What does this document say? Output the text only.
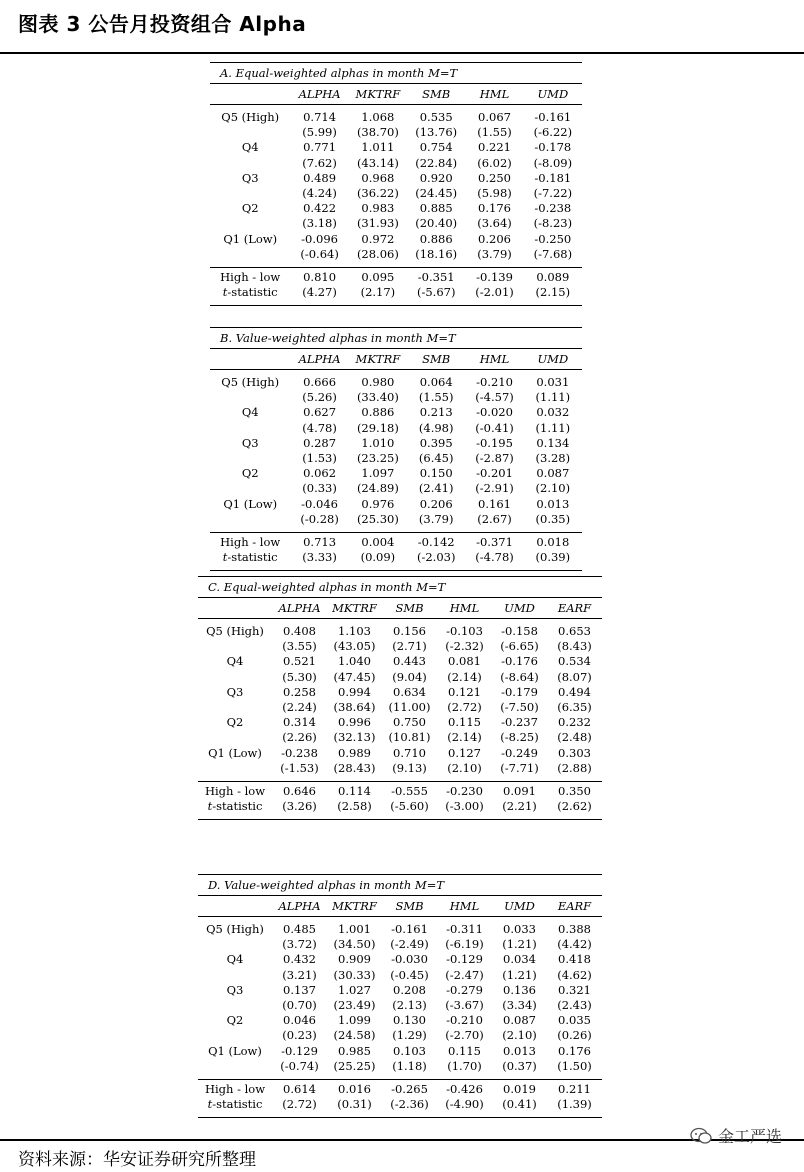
图表 3 公告月投资组合 Alpha
A. Equal-weighted alphas in month M=T
	ALPHA	MKTRF	SMB	HML	UMD

Q5 (High)	0.714	1.068	0.535	0.067	-0.161
	(5.99)	(38.70)	(13.76)	(1.55)	(-6.22)
Q4	0.771	1.011	0.754	0.221	-0.178
	(7.62)	(43.14)	(22.84)	(6.02)	(-8.09)
Q3	0.489	0.968	0.920	0.250	-0.181
	(4.24)	(36.22)	(24.45)	(5.98)	(-7.22)
Q2	0.422	0.983	0.885	0.176	-0.238
	(3.18)	(31.93)	(20.40)	(3.64)	(-8.23)
Q1 (Low)	-0.096	0.972	0.886	0.206	-0.250
	(-0.64)	(28.06)	(18.16)	(3.79)	(-7.68)

High - low	0.810	0.095	-0.351	-0.139	0.089
t-statistic	(4.27)	(2.17)	(-5.67)	(-2.01)	(2.15)

B. Value-weighted alphas in month M=T
	ALPHA	MKTRF	SMB	HML	UMD

Q5 (High)	0.666	0.980	0.064	-0.210	0.031
	(5.26)	(33.40)	(1.55)	(-4.57)	(1.11)
Q4	0.627	0.886	0.213	-0.020	0.032
	(4.78)	(29.18)	(4.98)	(-0.41)	(1.11)
Q3	0.287	1.010	0.395	-0.195	0.134
	(1.53)	(23.25)	(6.45)	(-2.87)	(3.28)
Q2	0.062	1.097	0.150	-0.201	0.087
	(0.33)	(24.89)	(2.41)	(-2.91)	(2.10)
Q1 (Low)	-0.046	0.976	0.206	0.161	0.013
	(-0.28)	(25.30)	(3.79)	(2.67)	(0.35)

High - low	0.713	0.004	-0.142	-0.371	0.018
t-statistic	(3.33)	(0.09)	(-2.03)	(-4.78)	(0.39)

C. Equal-weighted alphas in month M=T
	ALPHA	MKTRF	SMB	HML	UMD	EARF

Q5 (High)	0.408	1.103	0.156	-0.103	-0.158	0.653
	(3.55)	(43.05)	(2.71)	(-2.32)	(-6.65)	(8.43)
Q4	0.521	1.040	0.443	0.081	-0.176	0.534
	(5.30)	(47.45)	(9.04)	(2.14)	(-8.64)	(8.07)
Q3	0.258	0.994	0.634	0.121	-0.179	0.494
	(2.24)	(38.64)	(11.00)	(2.72)	(-7.50)	(6.35)
Q2	0.314	0.996	0.750	0.115	-0.237	0.232
	(2.26)	(32.13)	(10.81)	(2.14)	(-8.25)	(2.48)
Q1 (Low)	-0.238	0.989	0.710	0.127	-0.249	0.303
	(-1.53)	(28.43)	(9.13)	(2.10)	(-7.71)	(2.88)

High - low	0.646	0.114	-0.555	-0.230	0.091	0.350
t-statistic	(3.26)	(2.58)	(-5.60)	(-3.00)	(2.21)	(2.62)

D. Value-weighted alphas in month M=T
	ALPHA	MKTRF	SMB	HML	UMD	EARF

Q5 (High)	0.485	1.001	-0.161	-0.311	0.033	0.388
	(3.72)	(34.50)	(-2.49)	(-6.19)	(1.21)	(4.42)
Q4	0.432	0.909	-0.030	-0.129	0.034	0.418
	(3.21)	(30.33)	(-0.45)	(-2.47)	(1.21)	(4.62)
Q3	0.137	1.027	0.208	-0.279	0.136	0.321
	(0.70)	(23.49)	(2.13)	(-3.67)	(3.34)	(2.43)
Q2	0.046	1.099	0.130	-0.210	0.087	0.035
	(0.23)	(24.58)	(1.29)	(-2.70)	(2.10)	(0.26)
Q1 (Low)	-0.129	0.985	0.103	0.115	0.013	0.176
	(-0.74)	(25.25)	(1.18)	(1.70)	(0.37)	(1.50)

High - low	0.614	0.016	-0.265	-0.426	0.019	0.211
t-statistic	(2.72)	(0.31)	(-2.36)	(-4.90)	(0.41)	(1.39)

资料来源：华安证券研究所整理
金工严选
